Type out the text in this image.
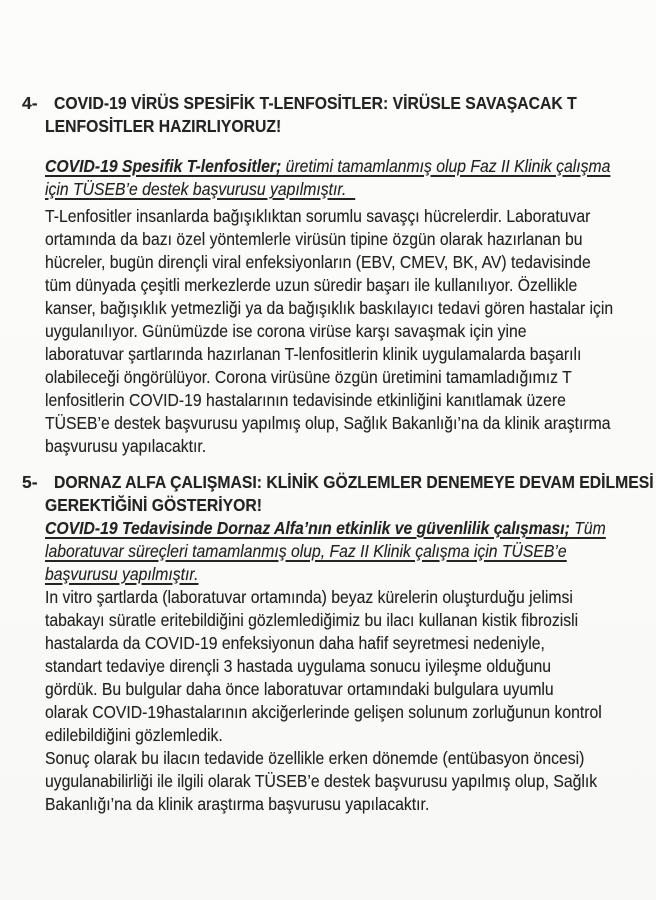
4- COVID-19 VİRÜS SPESİFİK T-LENFOSİTLER: VİRÜSLE SAVAŞACAK T
LENFOSİTLER HAZIRLIYORUZ!
COVID-19 Spesifik T-lenfositler; üretimi tamamlanmış olup Faz II Klinik çalışma
için TÜSEB’e destek başvurusu yapılmıştır.
T-Lenfositler insanlarda bağışıklıktan sorumlu savaşçı hücrelerdir. Laboratuvar
ortamında da bazı özel yöntemlerle virüsün tipine özgün olarak hazırlanan bu
hücreler, bugün dirençli viral enfeksiyonların (EBV, CMEV, BK, AV) tedavisinde
tüm dünyada çeşitli merkezlerde uzun süredir başarı ile kullanılıyor. Özellikle
kanser, bağışıklık yetmezliği ya da bağışıklık baskılayıcı tedavi gören hastalar için
uygulanılıyor. Günümüzde ise corona virüse karşı savaşmak için yine
laboratuvar şartlarında hazırlanan T-lenfositlerin klinik uygulamalarda başarılı
olabileceği öngörülüyor. Corona virüsüne özgün üretimini tamamladığımız T
lenfositlerin COVID-19 hastalarının tedavisinde etkinliğini kanıtlamak üzere
TÜSEB’e destek başvurusu yapılmış olup, Sağlık Bakanlığı’na da klinik araştırma
başvurusu yapılacaktır.
5- DORNAZ ALFA ÇALIŞMASI: KLİNİK GÖZLEMLER DENEMEYE DEVAM EDİLMESİ
GEREKTİĞİNİ GÖSTERİYOR!
COVID-19 Tedavisinde Dornaz Alfa’nın etkinlik ve güvenlilik çalışması; Tüm
laboratuvar süreçleri tamamlanmış olup, Faz II Klinik çalışma için TÜSEB’e
başvurusu yapılmıştır.
In vitro şartlarda (laboratuvar ortamında) beyaz kürelerin oluşturduğu jelimsi
tabakayı süratle eritebildiğini gözlemlediğimiz bu ilacı kullanan kistik fibrozisli
hastalarda da COVID-19 enfeksiyonun daha hafif seyretmesi nedeniyle,
standart tedaviye dirençli 3 hastada uygulama sonucu iyileşme olduğunu
gördük. Bu bulgular daha önce laboratuvar ortamındaki bulgulara uyumlu
olarak COVID-19hastalarının akciğerlerinde gelişen solunum zorluğunun kontrol
edilebildiğini gözlemledik.
Sonuç olarak bu ilacın tedavide özellikle erken dönemde (entübasyon öncesi)
uygulanabilirliği ile ilgili olarak TÜSEB’e destek başvurusu yapılmış olup, Sağlık
Bakanlığı’na da klinik araştırma başvurusu yapılacaktır.
